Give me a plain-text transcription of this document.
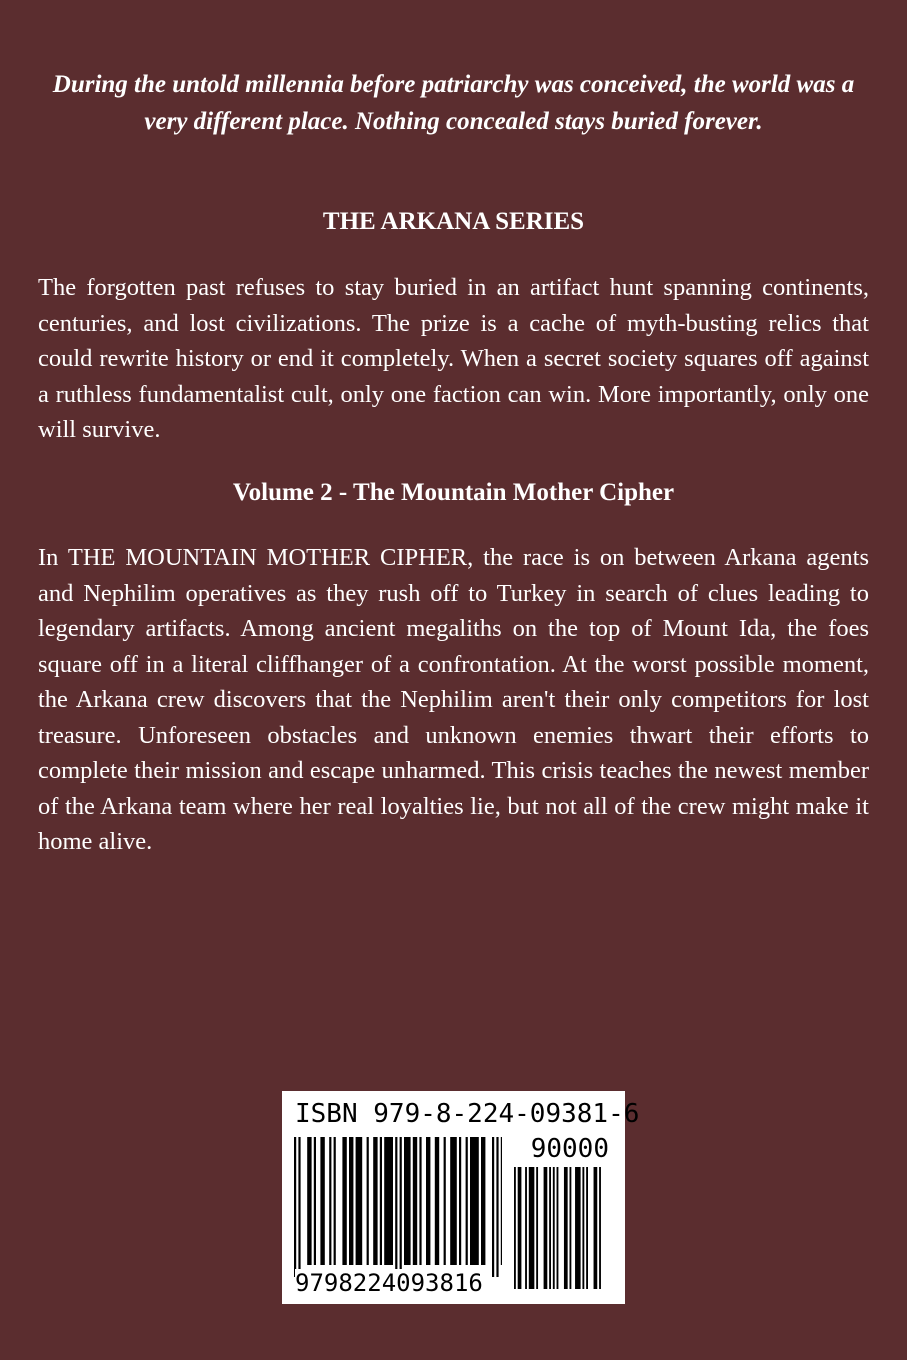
During the untold millennia before patriarchy was conceived, the world was a very different place. Nothing concealed stays buried forever.

THE ARKANA SERIES

The forgotten past refuses to stay buried in an artifact hunt spanning continents, centuries, and lost civilizations. The prize is a cache of myth-busting relics that could rewrite history or end it completely. When a secret society squares off against a ruthless fundamentalist cult, only one faction can win. More importantly, only one will survive.

Volume 2 - The Mountain Mother Cipher

In THE MOUNTAIN MOTHER CIPHER, the race is on between Arkana agents and Nephilim operatives as they rush off to Turkey in search of clues leading to legendary artifacts. Among ancient megaliths on the top of Mount Ida, the foes square off in a literal cliffhanger of a confrontation. At the worst possible moment, the Arkana crew discovers that the Nephilim aren't their only competitors for lost treasure. Unforeseen obstacles and unknown enemies thwart their efforts to complete their mission and escape unharmed. This crisis teaches the newest member of the Arkana team where her real loyalties lie, but not all of the crew might make it home alive.

ISBN 979-8-224-09381-6
90000
9798224093816
